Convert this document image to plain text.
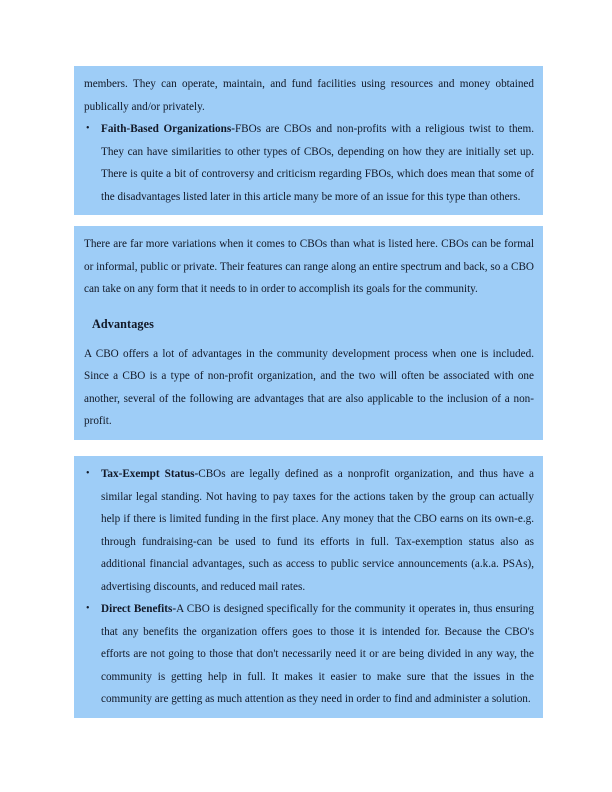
members. They can operate, maintain, and fund facilities using resources and money obtained publically and/or privately.

• Faith-Based Organizations-FBOs are CBOs and non-profits with a religious twist to them. They can have similarities to other types of CBOs, depending on how they are initially set up. There is quite a bit of controversy and criticism regarding FBOs, which does mean that some of the disadvantages listed later in this article many be more of an issue for this type than others.

There are far more variations when it comes to CBOs than what is listed here. CBOs can be formal or informal, public or private. Their features can range along an entire spectrum and back, so a CBO can take on any form that it needs to in order to accomplish its goals for the community.

Advantages

A CBO offers a lot of advantages in the community development process when one is included. Since a CBO is a type of non-profit organization, and the two will often be associated with one another, several of the following are advantages that are also applicable to the inclusion of a non-profit.

• Tax-Exempt Status-CBOs are legally defined as a nonprofit organization, and thus have a similar legal standing. Not having to pay taxes for the actions taken by the group can actually help if there is limited funding in the first place. Any money that the CBO earns on its own-e.g. through fundraising-can be used to fund its efforts in full. Tax-exemption status also as additional financial advantages, such as access to public service announcements (a.k.a. PSAs), advertising discounts, and reduced mail rates.
• Direct Benefits-A CBO is designed specifically for the community it operates in, thus ensuring that any benefits the organization offers goes to those it is intended for. Because the CBO's efforts are not going to those that don't necessarily need it or are being divided in any way, the community is getting help in full. It makes it easier to make sure that the issues in the community are getting as much attention as they need in order to find and administer a solution.
